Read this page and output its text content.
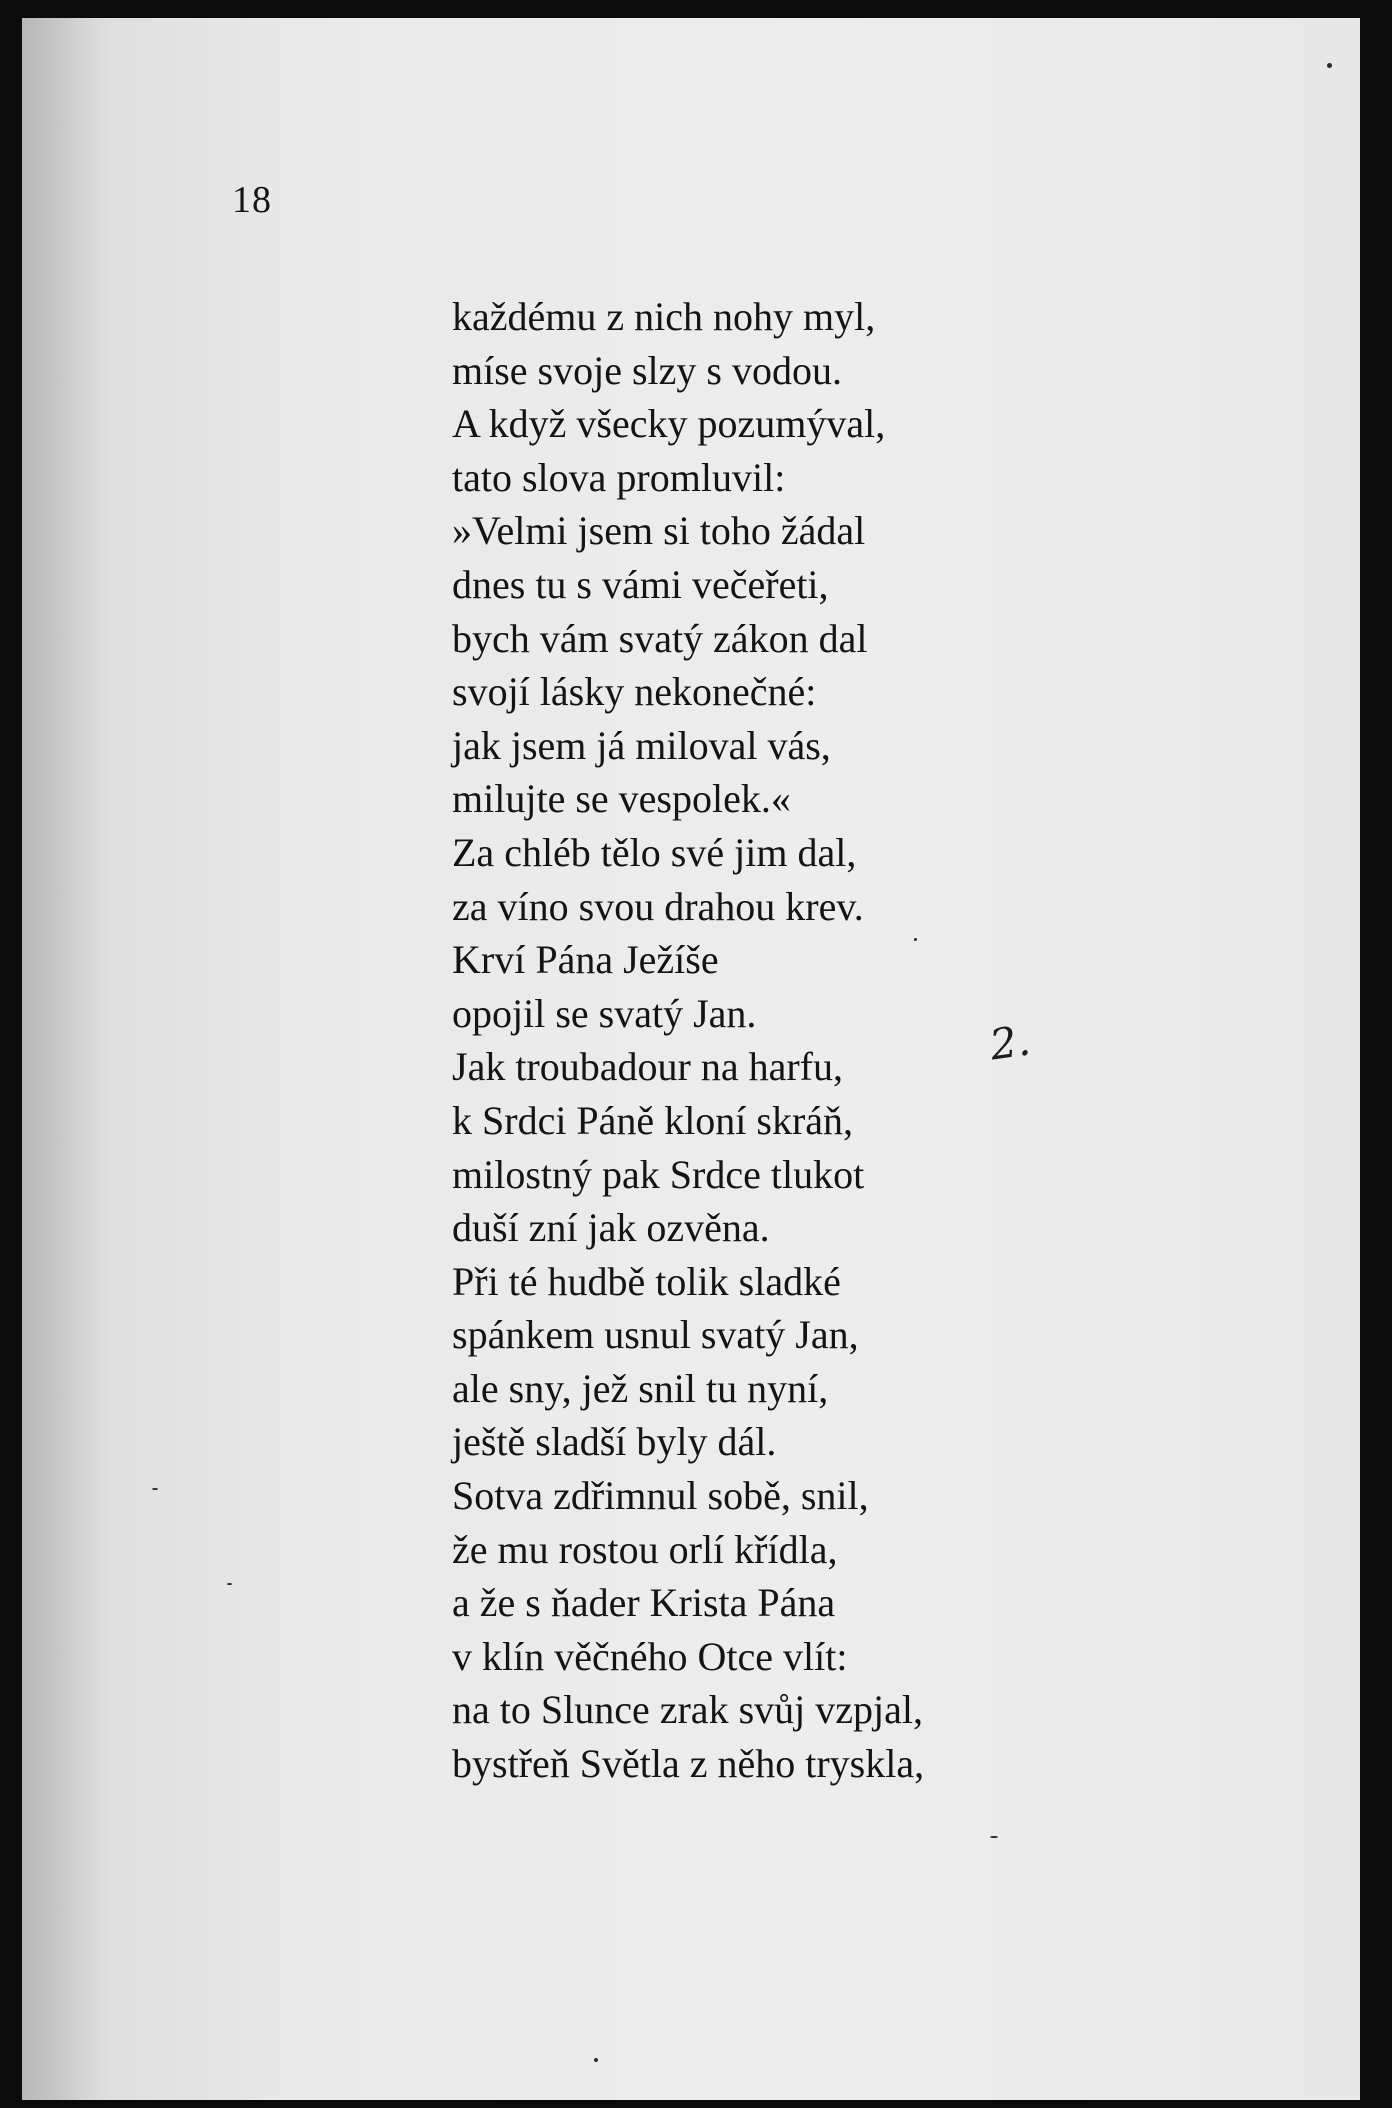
18
každému z nich nohy myl,
míse svoje slzy s vodou.
A když všecky pozumýval,
tato slova promluvil:
»Velmi jsem si toho žádal
dnes tu s vámi večeřeti,
bych vám svatý zákon dal
svojí lásky nekonečné:
jak jsem já miloval vás,
milujte se vespolek.«
Za chléb tělo své jim dal,
za víno svou drahou krev.
Krví Pána Ježíše
opojil se svatý Jan.
Jak troubadour na harfu,
k Srdci Páně kloní skráň,
milostný pak Srdce tlukot
duší zní jak ozvěna.
Při té hudbě tolik sladké
spánkem usnul svatý Jan,
ale sny, jež snil tu nyní,
ještě sladší byly dál.
Sotva zdřimnul sobě, snil,
že mu rostou orlí křídla,
a že s ňader Krista Pána
v klín věčného Otce vlít:
na to Slunce zrak svůj vzpjal,
bystřeň Světla z něho tryskla,
2.
